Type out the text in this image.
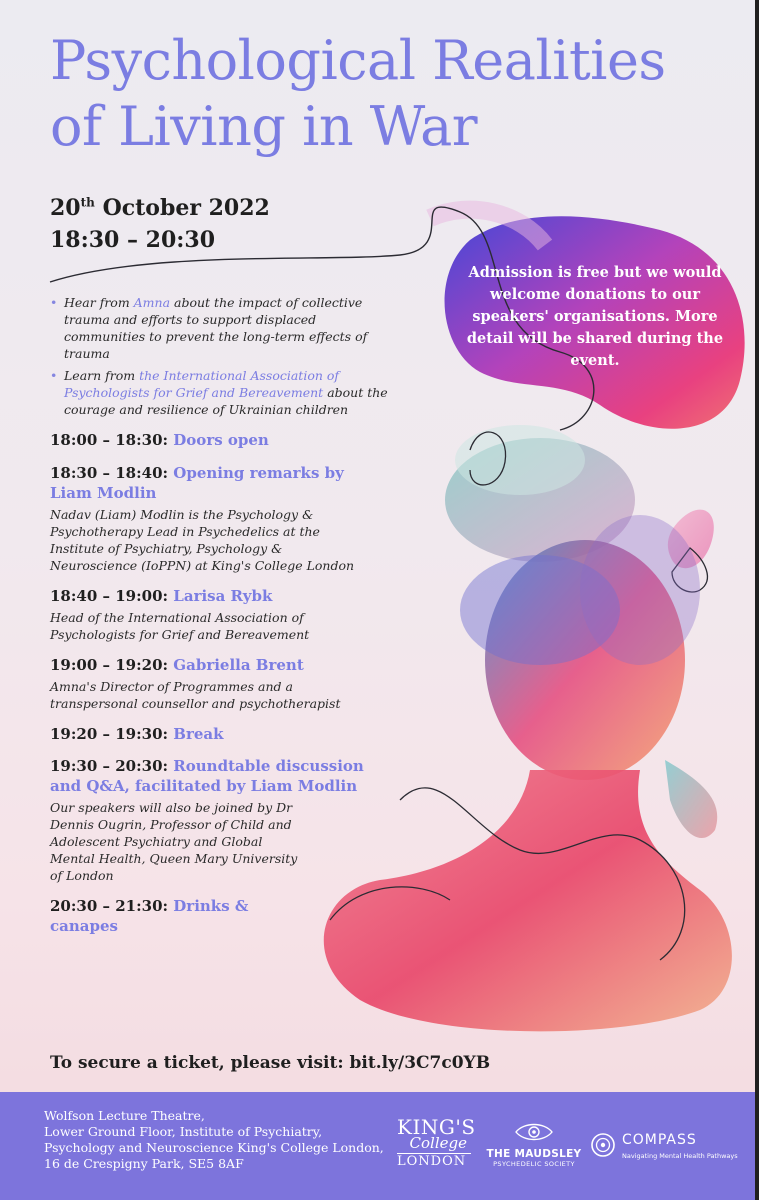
Psychological Realities
of Living in War
20th October 2022
18:30 – 20:30
Admission is free but we would welcome donations to our speakers' organisations. More detail will be shared during the event.
• Hear from Amna about the impact of collective trauma and efforts to support displaced communities to prevent the long-term effects of trauma
• Learn from the International Association of Psychologists for Grief and Bereavement about the courage and resilience of Ukrainian children
18:00 – 18:30: Doors open
18:30 – 18:40: Opening remarks by Liam Modlin
Nadav (Liam) Modlin is the Psychology & Psychotherapy Lead in Psychedelics at the Institute of Psychiatry, Psychology & Neuroscience (IoPPN) at King's College London
18:40 – 19:00: Larisa Rybk
Head of the International Association of Psychologists for Grief and Bereavement
19:00 – 19:20: Gabriella Brent
Amna's Director of Programmes and a transpersonal counsellor and psychotherapist
19:20 – 19:30: Break
19:30 – 20:30: Roundtable discussion and Q&A, facilitated by Liam Modlin
Our speakers will also be joined by Dr Dennis Ougrin, Professor of Child and Adolescent Psychiatry and Global Mental Health, Queen Mary University of London
20:30 – 21:30: Drinks & canapes
To secure a ticket, please visit: bit.ly/3C7c0YB
Wolfson Lecture Theatre,
Lower Ground Floor, Institute of Psychiatry,
Psychology and Neuroscience King's College London,
16 de Crespigny Park, SE5 8AF
KING'S
College
LONDON	THE MAUDSLEY
PSYCHEDELIC SOCIETY
COMPASS
Navigating Mental Health Pathways
